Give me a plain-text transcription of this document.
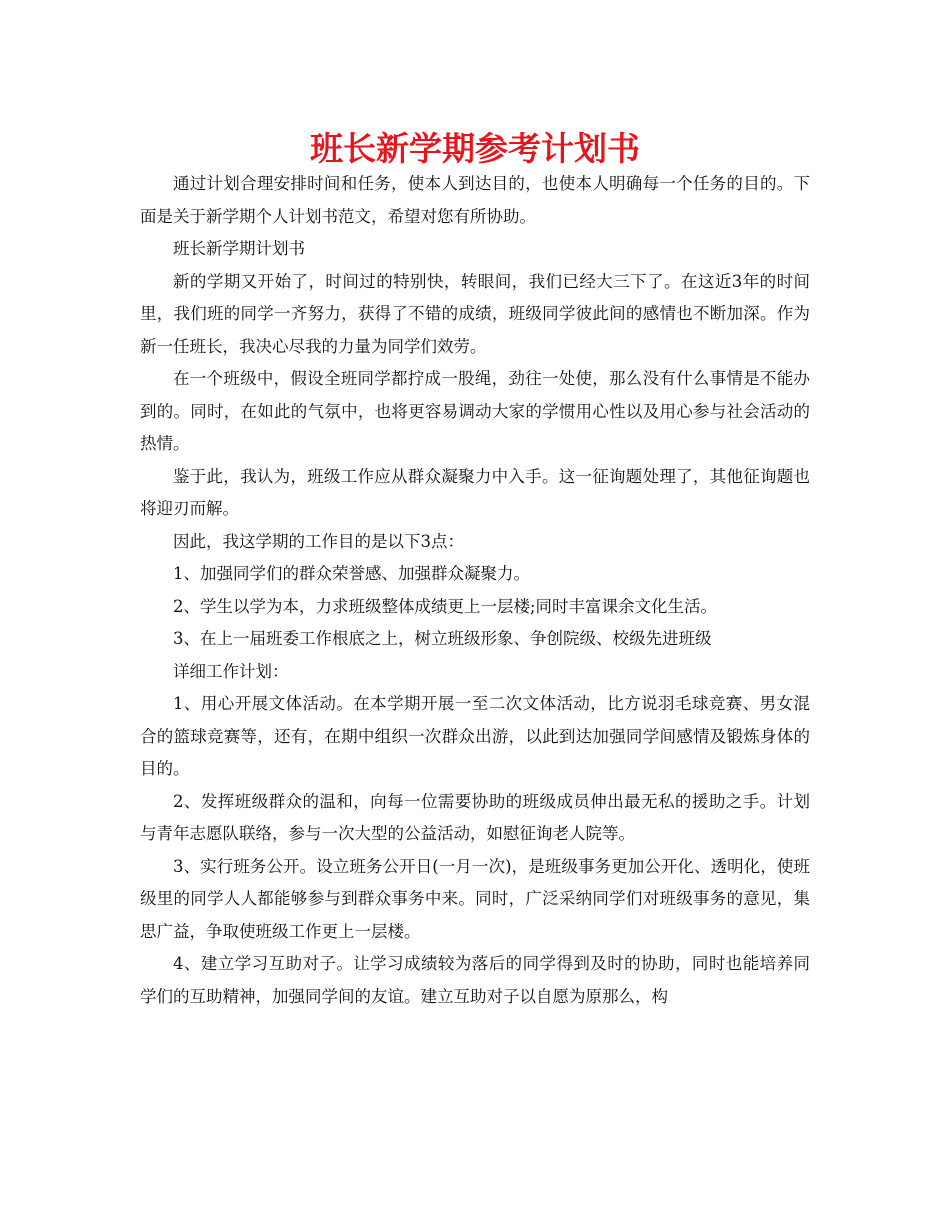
班长新学期参考计划书

通过计划合理安排时间和任务，使本人到达目的，也使本人明确每一个任务的目的。下面是关于新学期个人计划书范文，希望对您有所协助。

班长新学期计划书

新的学期又开始了，时间过的特别快，转眼间，我们已经大三下了。在这近3年的时间里，我们班的同学一齐努力，获得了不错的成绩，班级同学彼此间的感情也不断加深。作为新一任班长，我决心尽我的力量为同学们效劳。

在一个班级中，假设全班同学都拧成一股绳，劲往一处使，那么没有什么事情是不能办到的。同时，在如此的气氛中，也将更容易调动大家的学惯用心性以及用心参与社会活动的热情。

鉴于此，我认为，班级工作应从群众凝聚力中入手。这一征询题处理了，其他征询题也将迎刃而解。

因此，我这学期的工作目的是以下3点：

1、加强同学们的群众荣誉感、加强群众凝聚力。

2、学生以学为本，力求班级整体成绩更上一层楼;同时丰富课余文化生活。

3、在上一届班委工作根底之上，树立班级形象、争创院级、校级先进班级

详细工作计划：

1、用心开展文体活动。在本学期开展一至二次文体活动，比方说羽毛球竞赛、男女混合的篮球竞赛等，还有，在期中组织一次群众出游，以此到达加强同学间感情及锻炼身体的目的。

2、发挥班级群众的温和，向每一位需要协助的班级成员伸出最无私的援助之手。计划与青年志愿队联络，参与一次大型的公益活动，如慰征询老人院等。

3、实行班务公开。设立班务公开日(一月一次)，是班级事务更加公开化、透明化，使班级里的同学人人都能够参与到群众事务中来。同时，广泛采纳同学们对班级事务的意见，集思广益，争取使班级工作更上一层楼。

4、建立学习互助对子。让学习成绩较为落后的同学得到及时的协助，同时也能培养同学们的互助精神，加强同学间的友谊。建立互助对子以自愿为原那么，构
